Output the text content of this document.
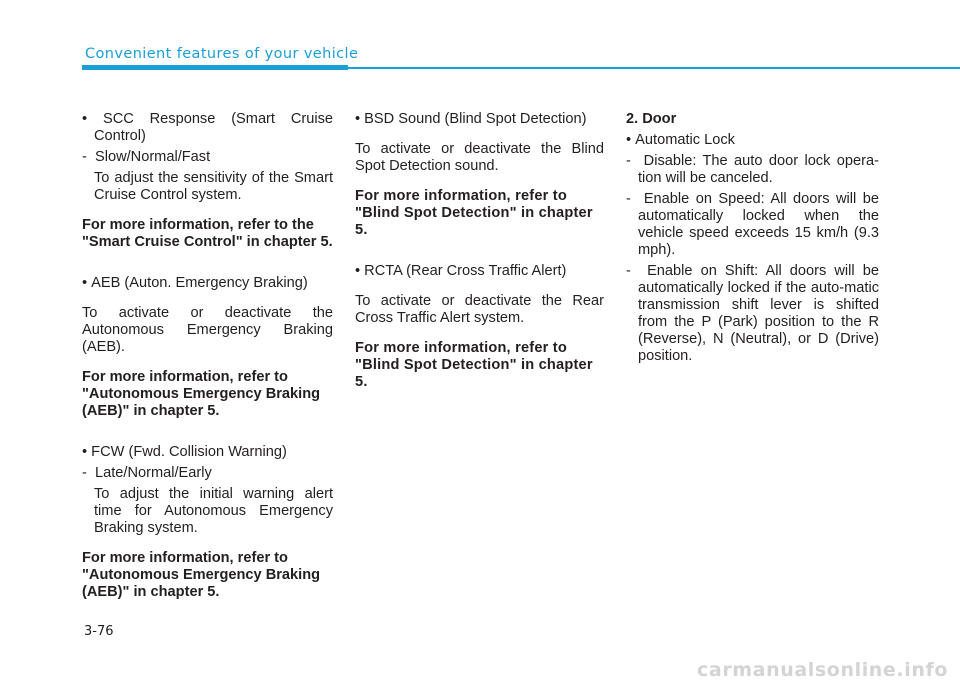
Convenient features of your vehicle
• SCC Response (Smart Cruise Control)
-  Slow/Normal/Fast
To adjust the sensitivity of the Smart Cruise Control system.
For more information, refer to the "Smart Cruise Control" in chapter 5.
• AEB (Auton. Emergency Braking)
To activate or deactivate the Autonomous Emergency Braking (AEB).
For more information, refer to "Autonomous Emergency Braking (AEB)" in chapter 5.
• FCW (Fwd. Collision Warning)
-  Late/Normal/Early
To adjust the initial warning alert time for Autonomous Emergency Braking system.
For more information, refer to "Autonomous Emergency Braking (AEB)" in chapter 5.
• BSD Sound (Blind Spot Detection)
To activate or deactivate the Blind Spot Detection sound.
For more information, refer to "Blind Spot Detection" in chapter 5.
• RCTA (Rear Cross Traffic Alert)
To activate or deactivate the Rear Cross Traffic Alert system.
For more information, refer to "Blind Spot Detection" in chapter 5.
2. Door
• Automatic Lock
-  Disable: The auto door lock opera-tion will be canceled.
-  Enable on Speed: All doors will be automatically locked when the vehicle speed exceeds 15 km/h (9.3 mph).
-  Enable on Shift: All doors will be automatically locked if the auto-matic transmission shift lever is shifted from the P (Park) position to the R (Reverse), N (Neutral), or D (Drive) position.
3-76
carmanualsonline.info
